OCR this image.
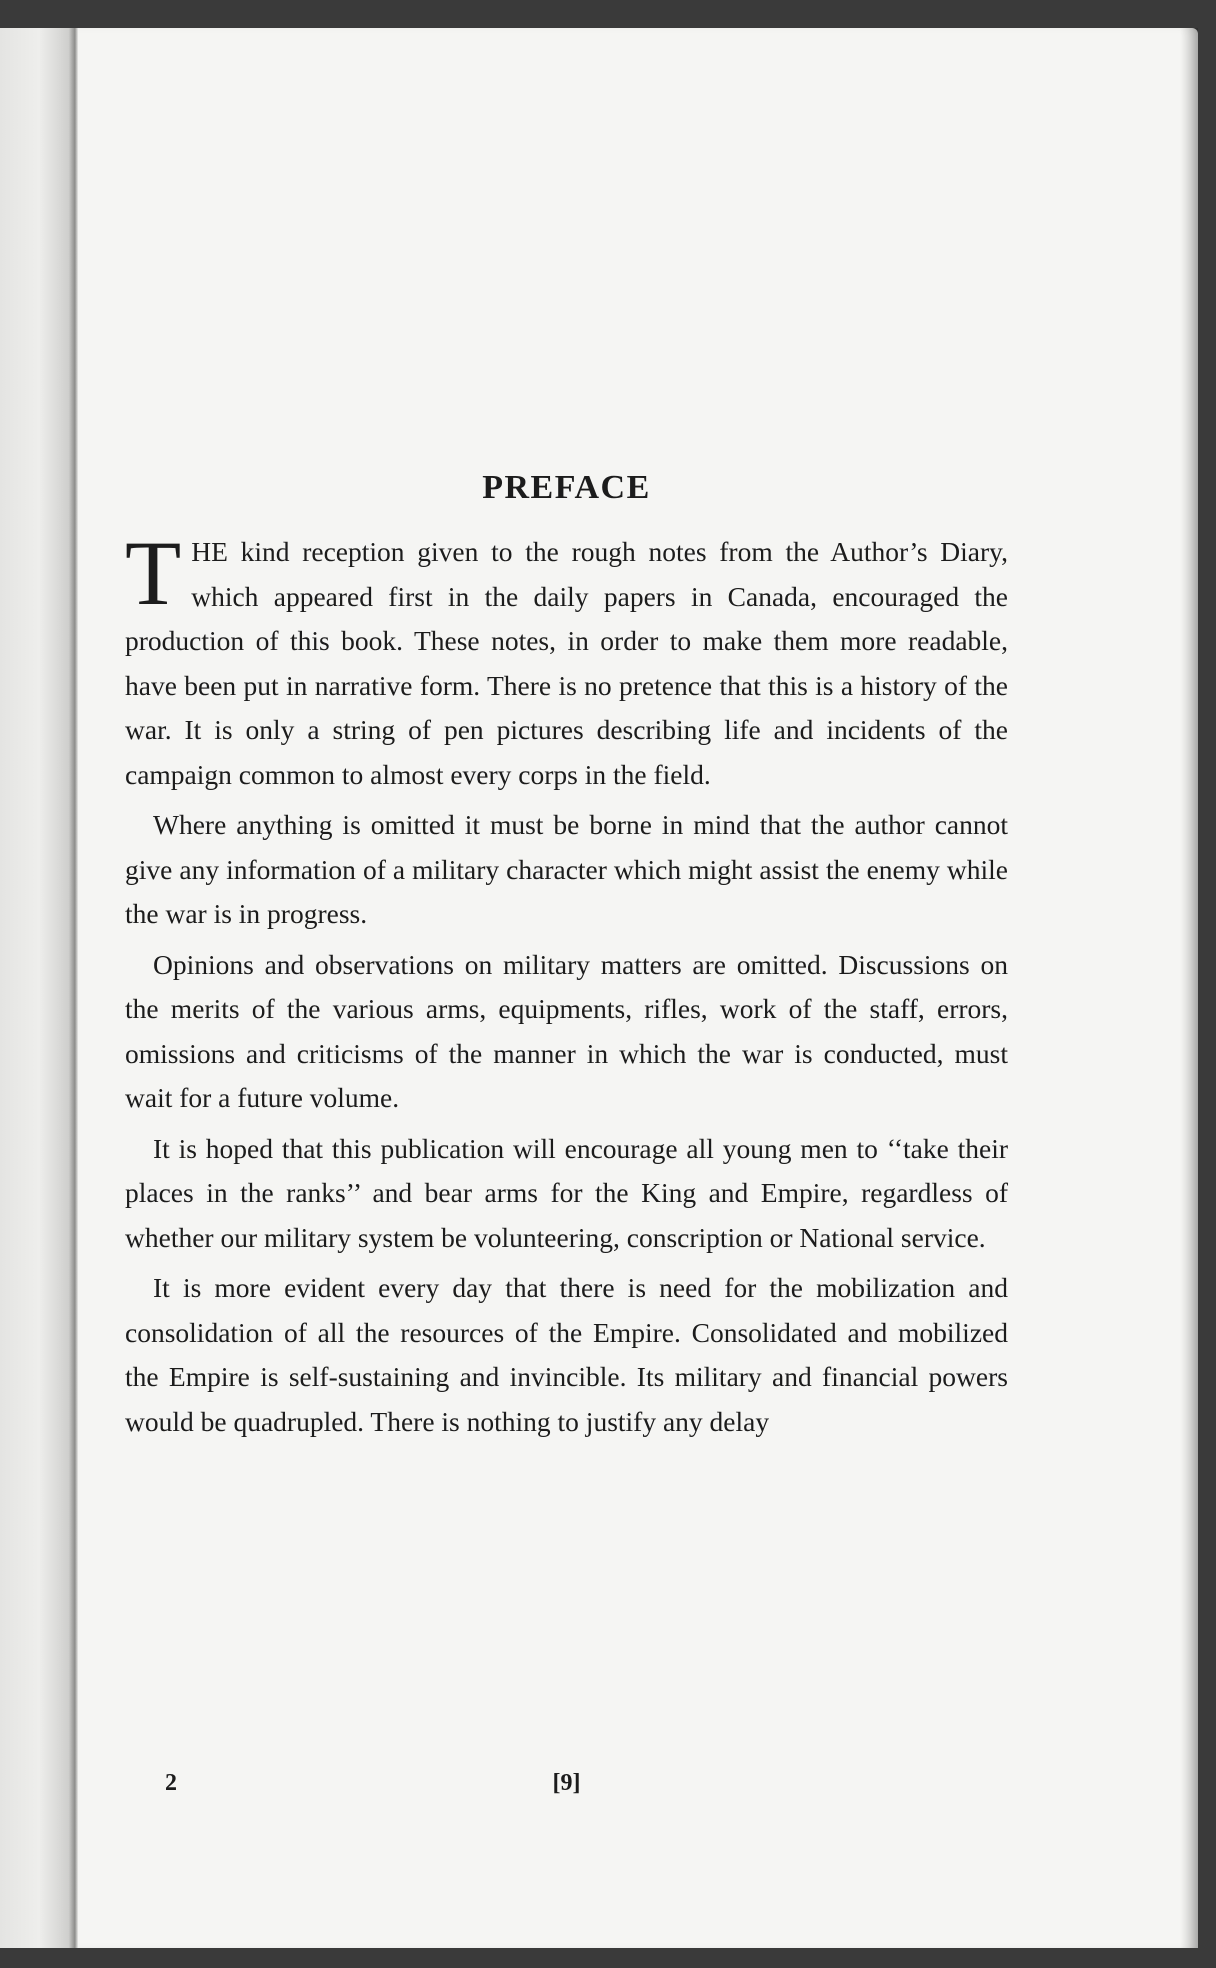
PREFACE

THE kind reception given to the rough notes from the Author’s Diary, which appeared first in the daily papers in Canada, encouraged the production of this book. These notes, in order to make them more readable, have been put in narrative form. There is no pretence that this is a history of the war. It is only a string of pen pictures describing life and incidents of the campaign common to almost every corps in the field.

Where anything is omitted it must be borne in mind that the author cannot give any information of a military character which might assist the enemy while the war is in progress.

Opinions and observations on military matters are omitted. Discussions on the merits of the various arms, equipments, rifles, work of the staff, errors, omissions and criticisms of the manner in which the war is conducted, must wait for a future volume.

It is hoped that this publication will encourage all young men to ‘‘take their places in the ranks’’ and bear arms for the King and Empire, regardless of whether our military system be volunteering, conscription or National service.

It is more evident every day that there is need for the mobilization and consolidation of all the resources of the Empire. Consolidated and mobilized the Empire is self-sustaining and invincible. Its military and financial powers would be quadrupled. There is nothing to justify any delay

2	[9]
